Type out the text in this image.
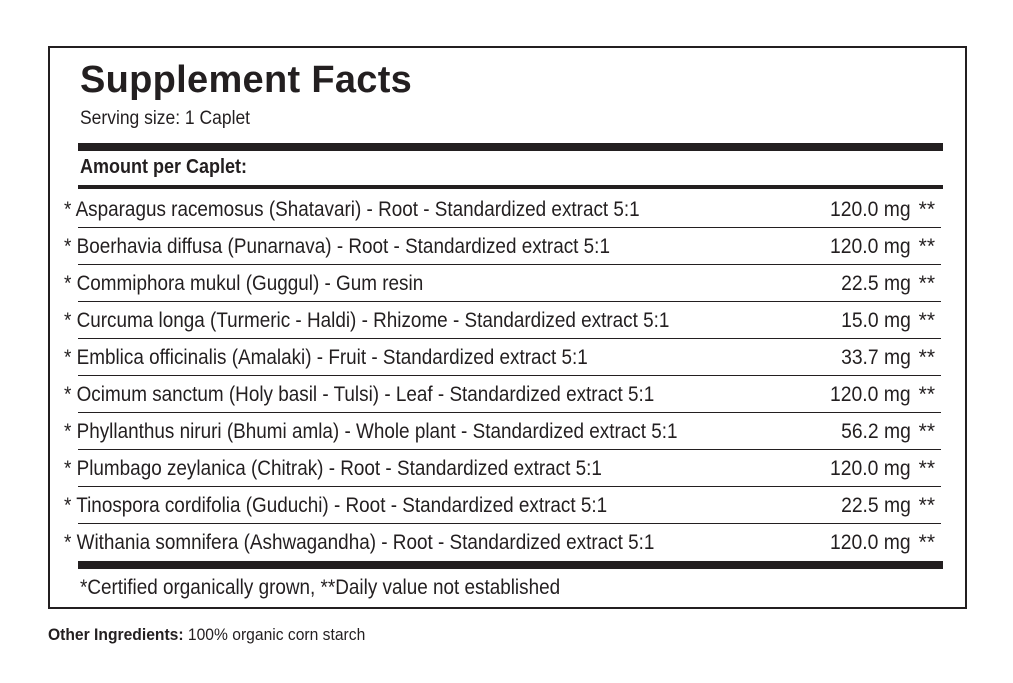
Supplement Facts
Serving size: 1 Caplet
Amount per Caplet:
* Asparagus racemosus (Shatavari) - Root - Standardized extract 5:1	120.0 mg **
* Boerhavia diffusa (Punarnava) - Root - Standardized extract 5:1	120.0 mg **
* Commiphora mukul (Guggul) - Gum resin	22.5 mg **
* Curcuma longa (Turmeric - Haldi) - Rhizome - Standardized extract 5:1	15.0 mg **
* Emblica officinalis (Amalaki) - Fruit - Standardized extract 5:1	33.7 mg **
* Ocimum sanctum (Holy basil - Tulsi) - Leaf - Standardized extract 5:1	120.0 mg **
* Phyllanthus niruri (Bhumi amla) - Whole plant - Standardized extract 5:1	56.2 mg **
* Plumbago zeylanica (Chitrak) - Root - Standardized extract 5:1	120.0 mg **
* Tinospora cordifolia (Guduchi) - Root - Standardized extract 5:1	22.5 mg **
* Withania somnifera (Ashwagandha) - Root - Standardized extract 5:1	120.0 mg **
*Certified organically grown, **Daily value not established
Other Ingredients: 100% organic corn starch
